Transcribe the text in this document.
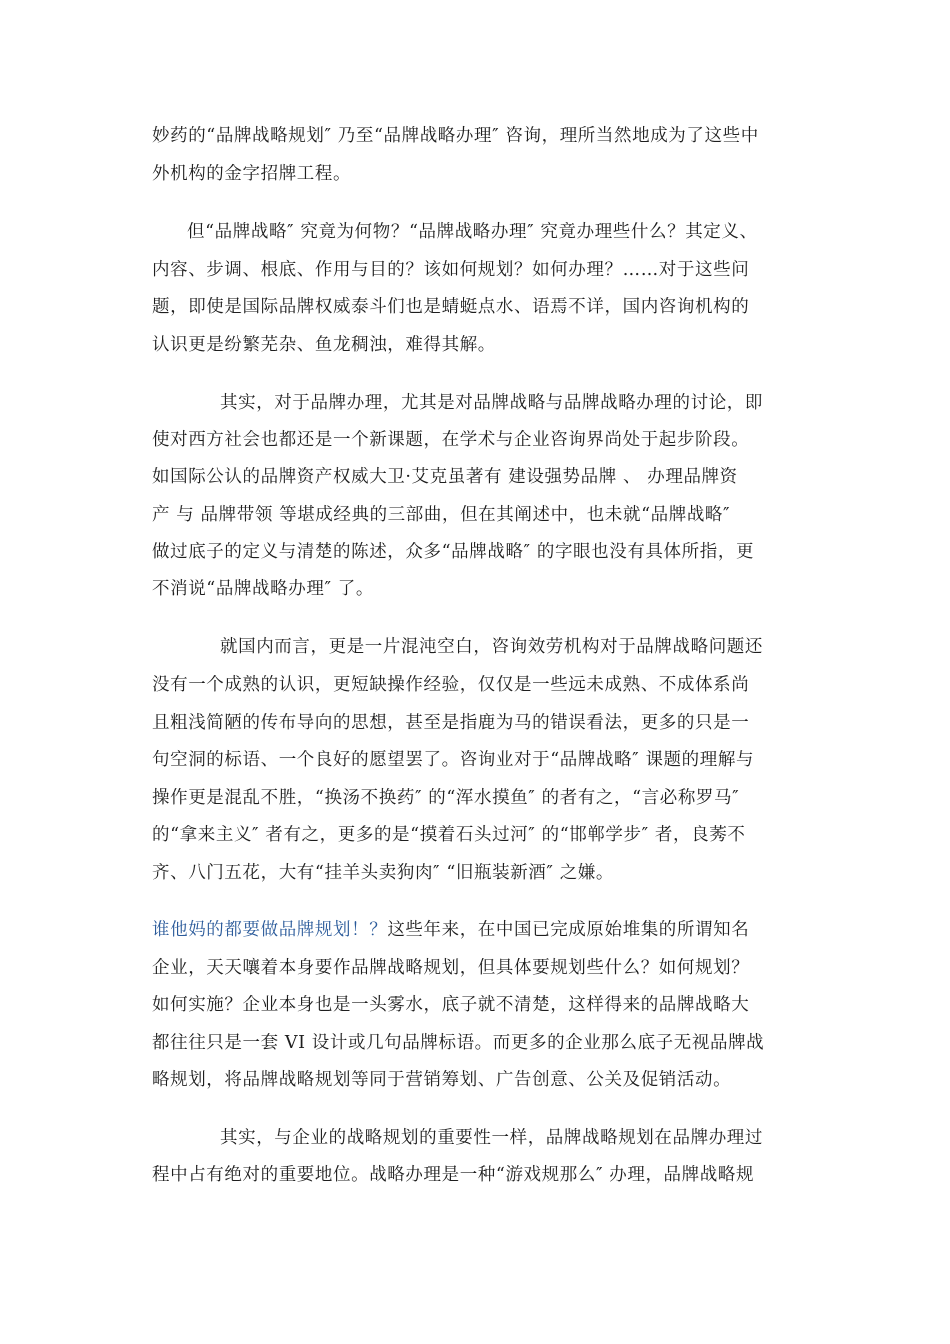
妙药的“品牌战略规划″ 乃至“品牌战略办理″ 咨询，理所当然地成为了这些中
外机构的金字招牌工程。
但“品牌战略″ 究竟为何物？“品牌战略办理″ 究竟办理些什么？其定义、
内容、步调、根底、作用与目的？该如何规划？如何办理？……对于这些问
题，即使是国际品牌权威泰斗们也是蜻蜓点水、语焉不详，国内咨询机构的
认识更是纷繁芜杂、鱼龙稠浊，难得其解。
其实，对于品牌办理，尤其是对品牌战略与品牌战略办理的讨论，即
使对西方社会也都还是一个新课题，在学术与企业咨询界尚处于起步阶段。
如国际公认的品牌资产权威大卫·艾克虽著有 建设强势品牌 、 办理品牌资
产 与 品牌带领 等堪成经典的三部曲，但在其阐述中，也未就“品牌战略″
做过底子的定义与清楚的陈述，众多“品牌战略″ 的字眼也没有具体所指，更
不消说“品牌战略办理″ 了。
就国内而言，更是一片混沌空白，咨询效劳机构对于品牌战略问题还
没有一个成熟的认识，更短缺操作经验，仅仅是一些远未成熟、不成体系尚
且粗浅简陋的传布导向的思想，甚至是指鹿为马的错误看法，更多的只是一
句空洞的标语、一个良好的愿望罢了。咨询业对于“品牌战略″ 课题的理解与
操作更是混乱不胜，“换汤不换药″ 的“浑水摸鱼″ 的者有之，“言必称罗马″
的“拿来主义″ 者有之，更多的是“摸着石头过河″ 的“邯郸学步″ 者，良莠不
齐、八门五花，大有“挂羊头卖狗肉″ “旧瓶装新酒″ 之嫌。
谁他妈的都要做品牌规划！？这些年来，在中国已完成原始堆集的所谓知名
企业，天天嚷着本身要作品牌战略规划，但具体要规划些什么？如何规划？
如何实施？企业本身也是一头雾水，底子就不清楚，这样得来的品牌战略大
都往往只是一套 VI 设计或几句品牌标语。而更多的企业那么底子无视品牌战
略规划，将品牌战略规划等同于营销筹划、广告创意、公关及促销活动。
其实，与企业的战略规划的重要性一样，品牌战略规划在品牌办理过
程中占有绝对的重要地位。战略办理是一种“游戏规那么″ 办理，品牌战略规
